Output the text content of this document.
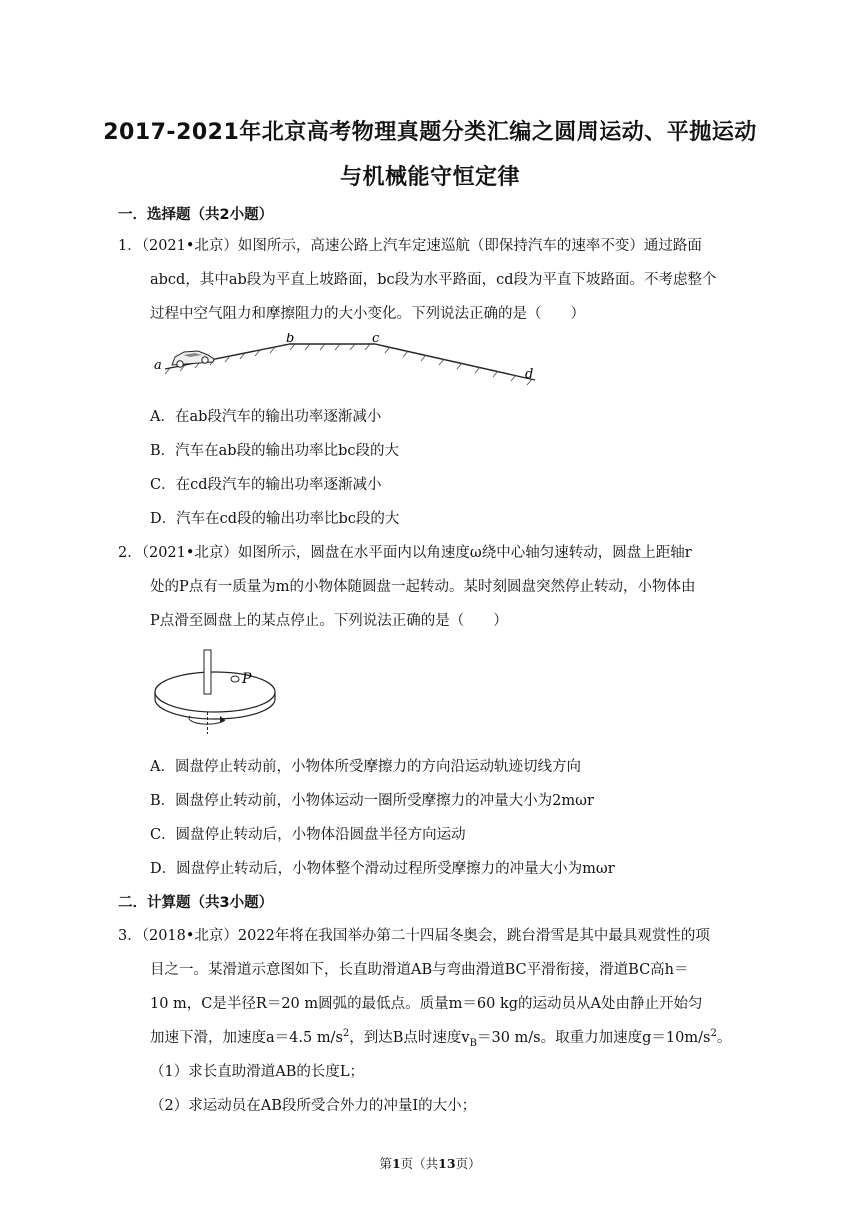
2017-2021年北京高考物理真题分类汇编之圆周运动、平抛运动
与机械能守恒定律
一．选择题（共2小题）
1．（2021•北京）如图所示，高速公路上汽车定速巡航（即保持汽车的速率不变）通过路面
abcd，其中ab段为平直上坡路面，bc段为水平路面，cd段为平直下坡路面。不考虑整个
过程中空气阻力和摩擦阻力的大小变化。下列说法正确的是（　　）
a
b	c
d
A．在ab段汽车的输出功率逐渐减小
B．汽车在ab段的输出功率比bc段的大
C．在cd段汽车的输出功率逐渐减小
D．汽车在cd段的输出功率比bc段的大
2．（2021•北京）如图所示，圆盘在水平面内以角速度ω绕中心轴匀速转动，圆盘上距轴r
处的P点有一质量为m的小物体随圆盘一起转动。某时刻圆盘突然停止转动，小物体由
P点滑至圆盘上的某点停止。下列说法正确的是（　　）
P
A．圆盘停止转动前，小物体所受摩擦力的方向沿运动轨迹切线方向
B．圆盘停止转动前，小物体运动一圈所受摩擦力的冲量大小为2mωr
C．圆盘停止转动后，小物体沿圆盘半径方向运动
D．圆盘停止转动后，小物体整个滑动过程所受摩擦力的冲量大小为mωr
二．计算题（共3小题）
3．（2018•北京）2022年将在我国举办第二十四届冬奥会，跳台滑雪是其中最具观赏性的项
目之一。某滑道示意图如下，长直助滑道AB与弯曲滑道BC平滑衔接，滑道BC高h＝
10 m，C是半径R＝20 m圆弧的最低点。质量m＝60 kg的运动员从A处由静止开始匀
加速下滑，加速度a＝4.5 $m/s^2$，到达B点时速度$v_B=30$ m/s。取重力加速度$g=10m/s^2$。
（1）求长直助滑道AB的长度L；
（2）求运动员在AB段所受合外力的冲量I的大小；
第1页（共13页）
